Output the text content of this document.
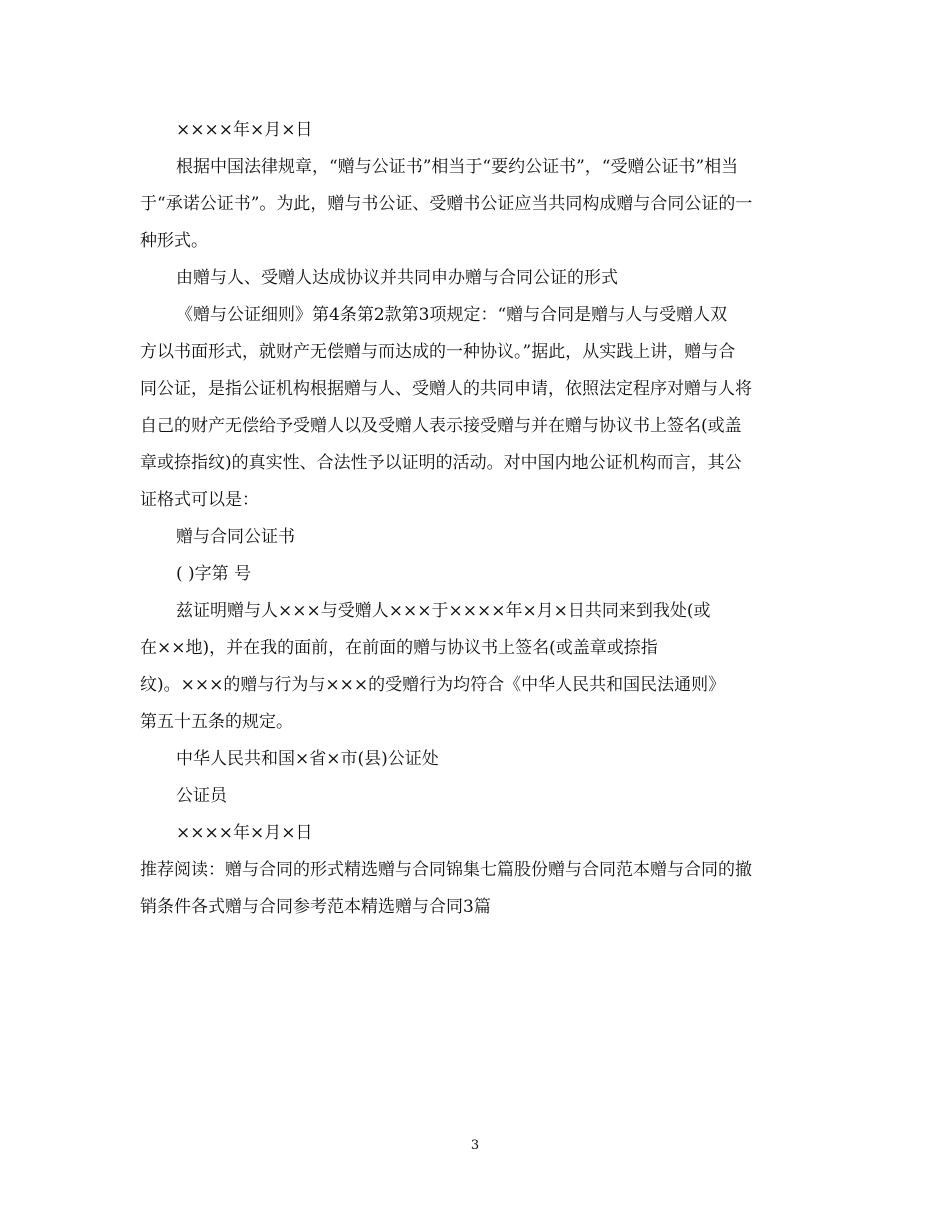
××××年×月×日
根据中国法律规章，“赠与公证书”相当于“要约公证书”，“受赠公证书”相当
于“承诺公证书”。为此，赠与书公证、受赠书公证应当共同构成赠与合同公证的一
种形式。
由赠与人、受赠人达成协议并共同申办赠与合同公证的形式
《赠与公证细则》第4条第2款第3项规定：“赠与合同是赠与人与受赠人双
方以书面形式，就财产无偿赠与而达成的一种协议。”据此，从实践上讲，赠与合
同公证，是指公证机构根据赠与人、受赠人的共同申请，依照法定程序对赠与人将
自己的财产无偿给予受赠人以及受赠人表示接受赠与并在赠与协议书上签名(或盖
章或捺指纹)的真实性、合法性予以证明的活动。对中国内地公证机构而言，其公
证格式可以是：
赠与合同公证书
( )字第 号
兹证明赠与人×××与受赠人×××于××××年×月×日共同来到我处(或
在××地)，并在我的面前，在前面的赠与协议书上签名(或盖章或捺指
纹)。×××的赠与行为与×××的受赠行为均符合《中华人民共和国民法通则》
第五十五条的规定。
中华人民共和国×省×市(县)公证处
公证员
××××年×月×日
推荐阅读：赠与合同的形式精选赠与合同锦集七篇股份赠与合同范本赠与合同的撤
销条件各式赠与合同参考范本精选赠与合同3篇
3
